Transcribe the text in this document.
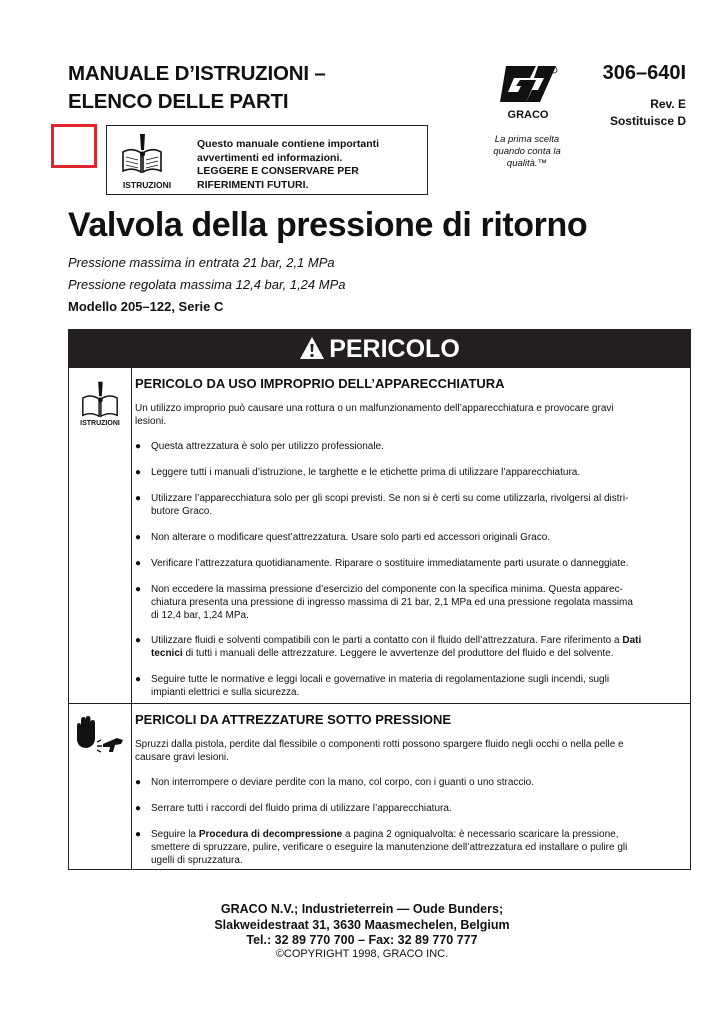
MANUALE D’ISTRUZIONI –
ELENCO DELLE PARTI
GRACO
La prima scelta
quando conta la
qualità.™
306–640I
Rev. E
Sostituisce D
ISTRUZIONI
Questo manuale contiene importanti
avvertimenti ed informazioni.
LEGGERE E CONSERVARE PER
RIFERIMENTI FUTURI.
Valvola della pressione di ritorno
Pressione massima in entrata 21 bar, 2,1 MPa
Pressione regolata massima 12,4 bar, 1,24 MPa
Modello 205–122, Serie C
PERICOLO
ISTRUZIONI
PERICOLO DA USO IMPROPRIO DELL’APPARECCHIATURA
Un utilizzo improprio può causare una rottura o un malfunzionamento dell’apparecchiatura e provocare gravi
lesioni.
● Questa attrezzatura è solo per utilizzo professionale.
● Leggere tutti i manuali d’istruzione, le targhette e le etichette prima di utilizzare l’apparecchiatura.
● Utilizzare l’apparecchiatura solo per gli scopi previsti. Se non si è certi su come utilizzarla, rivolgersi al distri-
butore Graco.
● Non alterare o modificare quest’attrezzatura. Usare solo parti ed accessori originali Graco.
● Verificare l’attrezzatura quotidianamente. Riparare o sostituire immediatamente parti usurate o danneggiate.
● Non eccedere la massima pressione d’esercizio del componente con la specifica minima. Questa apparec-
chiatura presenta una pressione di ingresso massima di 21 bar, 2,1 MPa ed una pressione regolata massima
di 12,4 bar, 1,24 MPa.
● Utilizzare fluidi e solventi compatibili con le parti a contatto con il fluido dell’attrezzatura. Fare riferimento a Dati
tecnici di tutti i manuali delle attrezzature. Leggere le avvertenze del produttore del fluido e del solvente.
● Seguire tutte le normative e leggi locali e governative in materia di regolamentazione sugli incendi, sugli
impianti elettrici e sulla sicurezza.
PERICOLI DA ATTREZZATURE SOTTO PRESSIONE
Spruzzi dalla pistola, perdite dal flessibile o componenti rotti possono spargere fluido negli occhi o nella pelle e
causare gravi lesioni.
● Non interrompere o deviare perdite con la mano, col corpo, con i guanti o uno straccio.
● Serrare tutti i raccordi del fluido prima di utilizzare l’apparecchiatura.
● Seguire la Procedura di decompressione a pagina 2 ogniqualvolta: è necessario scaricare la pressione,
smettere di spruzzare, pulire, verificare o eseguire la manutenzione dell’attrezzatura ed installare o pulire gli
ugelli di spruzzatura.
GRACO N.V.; Industrieterrein — Oude Bunders;
Slakweidestraat 31, 3630 Maasmechelen, Belgium
Tel.: 32 89 770 700 – Fax: 32 89 770 777
©COPYRIGHT 1998, GRACO INC.
